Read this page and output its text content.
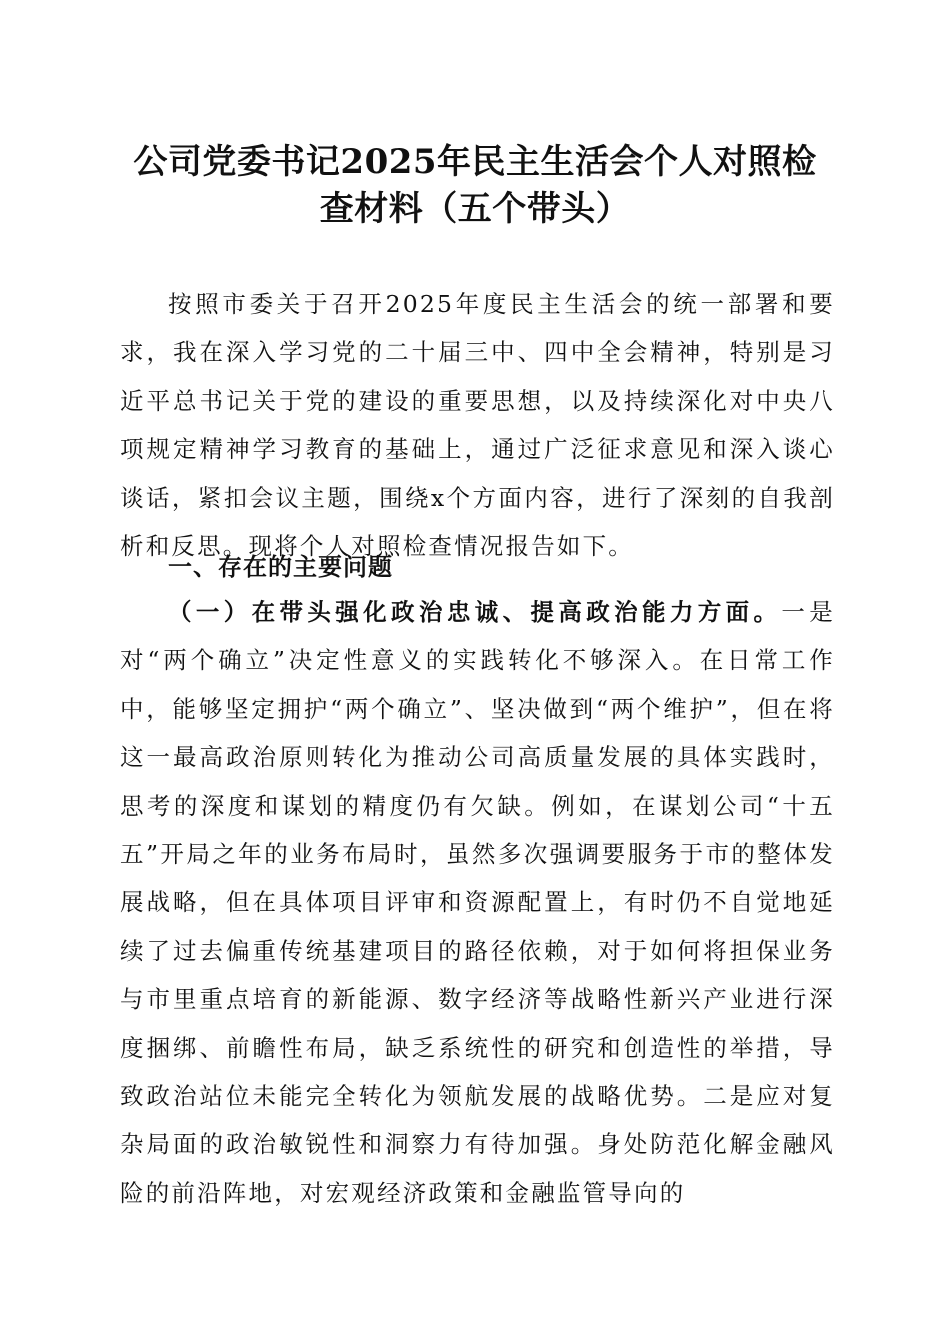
公司党委书记2025年民主生活会个人对照检
查材料（五个带头）

按照市委关于召开2025年度民主生活会的统一部署和要求，我在深入学习党的二十届三中、四中全会精神，特别是习近平总书记关于党的建设的重要思想，以及持续深化对中央八项规定精神学习教育的基础上，通过广泛征求意见和深入谈心谈话，紧扣会议主题，围绕x个方面内容，进行了深刻的自我剖析和反思。现将个人对照检查情况报告如下。

一、存在的主要问题

（一）在带头强化政治忠诚、提高政治能力方面。一是对“两个确立”决定性意义的实践转化不够深入。在日常工作中，能够坚定拥护“两个确立”、坚决做到“两个维护”，但在将这一最高政治原则转化为推动公司高质量发展的具体实践时，思考的深度和谋划的精度仍有欠缺。例如，在谋划公司“十五五”开局之年的业务布局时，虽然多次强调要服务于市的整体发展战略，但在具体项目评审和资源配置上，有时仍不自觉地延续了过去偏重传统基建项目的路径依赖，对于如何将担保业务与市里重点培育的新能源、数字经济等战略性新兴产业进行深度捆绑、前瞻性布局，缺乏系统性的研究和创造性的举措，导致政治站位未能完全转化为领航发展的战略优势。二是应对复杂局面的政治敏锐性和洞察力有待加强。身处防范化解金融风险的前沿阵地，对宏观经济政策和金融监管导向的
